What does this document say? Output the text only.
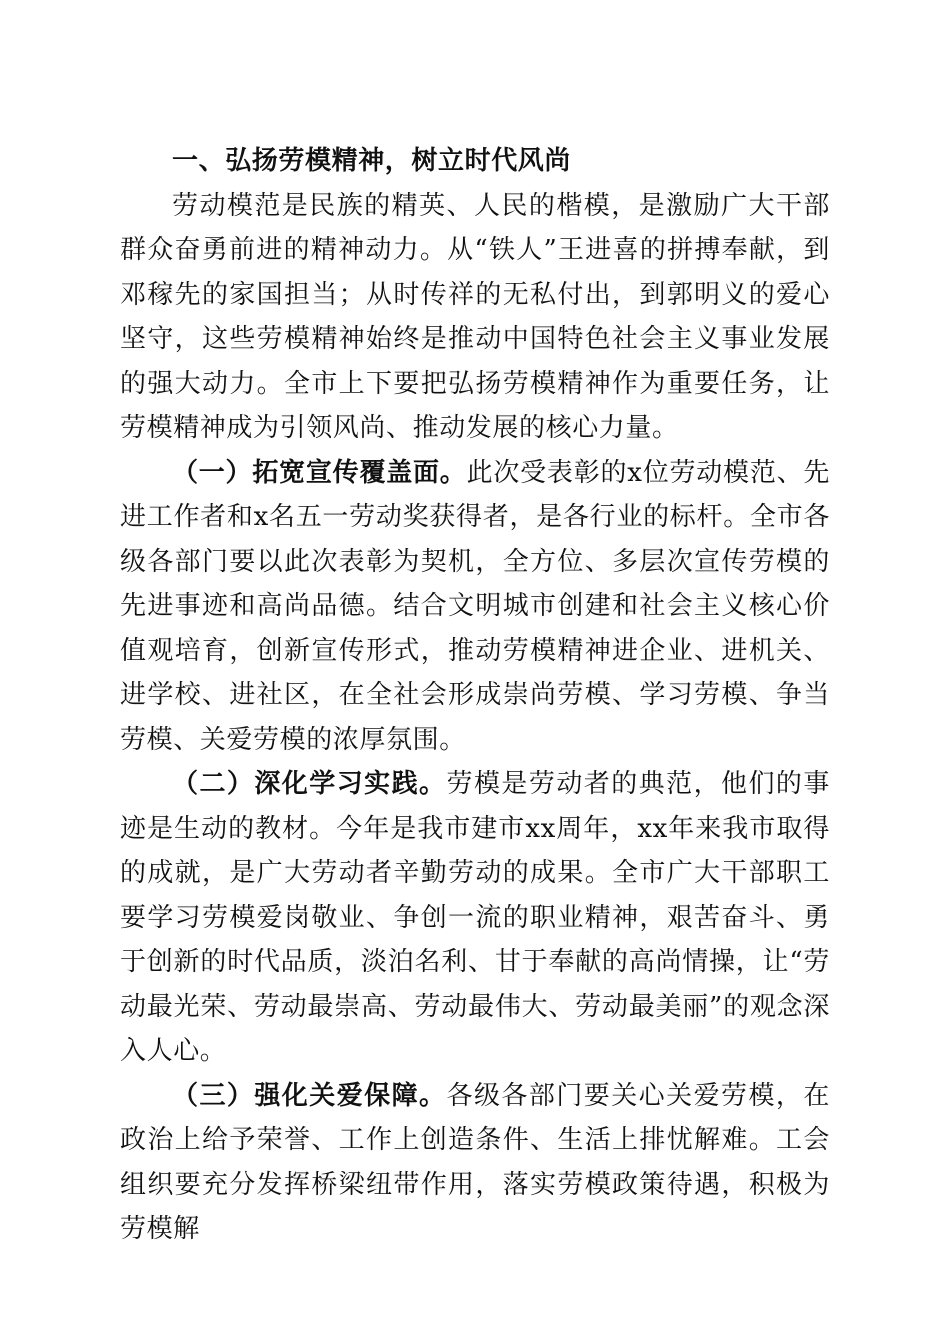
一、弘扬劳模精神，树立时代风尚

劳动模范是民族的精英、人民的楷模，是激励广大干部群众奋勇前进的精神动力。从“铁人”王进喜的拼搏奉献，到邓稼先的家国担当；从时传祥的无私付出，到郭明义的爱心坚守，这些劳模精神始终是推动中国特色社会主义事业发展的强大动力。全市上下要把弘扬劳模精神作为重要任务，让劳模精神成为引领风尚、推动发展的核心力量。

（一）拓宽宣传覆盖面。此次受表彰的x位劳动模范、先进工作者和x名五一劳动奖获得者，是各行业的标杆。全市各级各部门要以此次表彰为契机，全方位、多层次宣传劳模的先进事迹和高尚品德。结合文明城市创建和社会主义核心价值观培育，创新宣传形式，推动劳模精神进企业、进机关、进学校、进社区，在全社会形成崇尚劳模、学习劳模、争当劳模、关爱劳模的浓厚氛围。

（二）深化学习实践。劳模是劳动者的典范，他们的事迹是生动的教材。今年是我市建市xx周年，xx年来我市取得的成就，是广大劳动者辛勤劳动的成果。全市广大干部职工要学习劳模爱岗敬业、争创一流的职业精神，艰苦奋斗、勇于创新的时代品质，淡泊名利、甘于奉献的高尚情操，让“劳动最光荣、劳动最崇高、劳动最伟大、劳动最美丽”的观念深入人心。

（三）强化关爱保障。各级各部门要关心关爱劳模，在政治上给予荣誉、工作上创造条件、生活上排忧解难。工会组织要充分发挥桥梁纽带作用，落实劳模政策待遇，积极为劳模解
